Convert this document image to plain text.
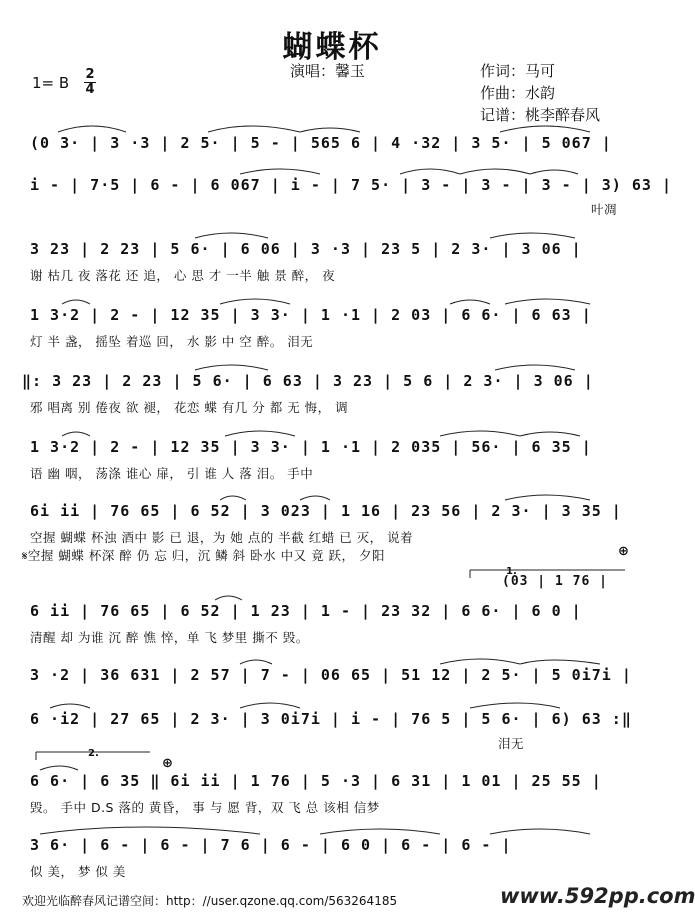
蝴蝶杯
演唱：馨玉	作词：马可
作曲：水韵
记谱：桃李醉春风
1= B 2
4
(0 3· | 3 ·3 | 2 5· | 5 - | 565 6 | 4 ·32 | 3 5· | 5 067 |
i - | 7·5 | 6 - | 6 067 | i - | 7 5· | 3 - | 3 - | 3 - | 3) 63 |
叶凋
3 23 | 2 23 | 5 6· | 6 06 | 3 ·3 | 23 5 | 2 3· | 3 06 |
谢 枯几 夜 落花 还 追， 心 思 才 一半 触 景 醉， 夜
1 3·2 | 2 - | 12 35 | 3 3· | 1 ·1 | 2 03 | 6 6· | 6 63 |
灯 半 盏， 摇坠 着巡 回， 水 影 中 空 醉。 泪无
‖: 3 23 | 2 23 | 5 6· | 6 63 | 3 23 | 5 6 | 2 3· | 3 06 |
邪 唱离 别 倦夜 欲 褪， 花恋 蝶 有几 分 都 无 悔， 调
1 3·2 | 2 - | 12 35 | 3 3· | 1 ·1 | 2 035 | 56· | 6 35 |
语 幽 咽， 荡涤 谁心 扉， 引 谁 人 落 泪。 手中
6i ii | 76 65 | 6 52 | 3 023 | 1 16 | 23 56 | 2 3· | 3 35 |
空握 蝴蝶 杯浊 酒中 影 已 退，为 她 点的 半截 红蜡 已 灭， 说着
𝄋空握 蝴蝶 杯深 醉 仍 忘 归，沉 鳞 斜 卧水 中又 竟 跃， 夕阳	⊕
1.
(03 | 1 76 |
6 ii | 76 65 | 6 52 | 1 23 | 1 - | 23 32 | 6 6· | 6 0 |
清醒 却 为谁 沉 醉 憔 悴，单 飞 梦里 撕不 毁。
3 ·2 | 36 631 | 2 57 | 7 - | 06 65 | 51 12 | 2 5· | 5 0i7i |
6 ·i2 | 27 65 | 2 3· | 3 0i7i | i - | 76 5 | 5 6· | 6) 63 :‖
泪无
2.
⊕
6 6· | 6 35 ‖ 6i ii | 1 76 | 5 ·3 | 6 31 | 1 01 | 25 55 |
毁。 手中 D.S 落的 黄昏， 事 与 愿 背，双 飞 总 该相 信梦
3 6· | 6 - | 6 - | 7 6 | 6 - | 6 0 | 6 - | 6 - |
似 美， 梦 似 美
欢迎光临醉春风记谱空间：http：//user.qzone.qq.com/563264185	www.592pp.com
